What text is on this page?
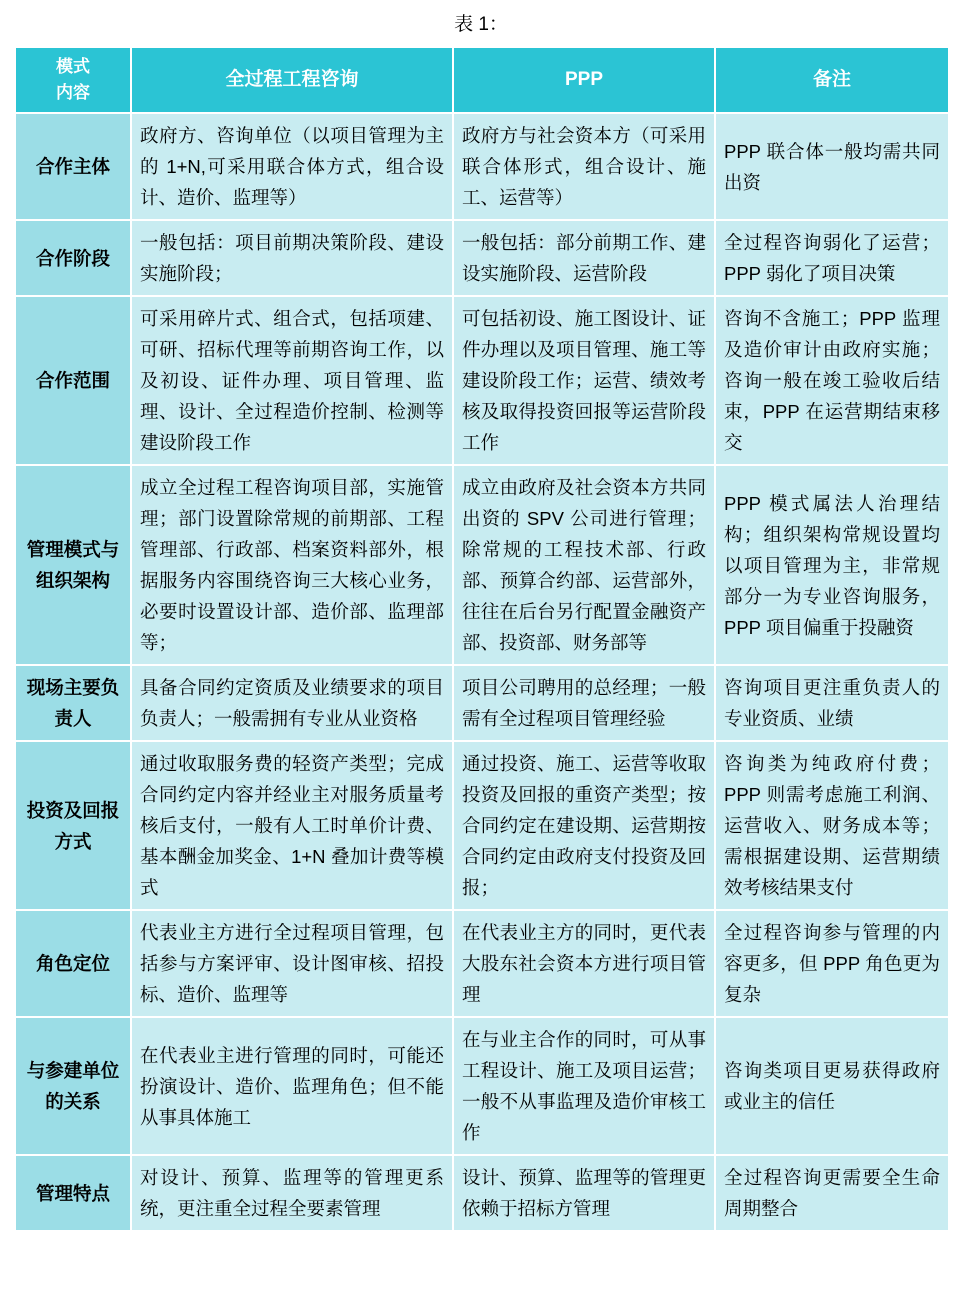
表 1：
模式
内容	全过程工程咨询	PPP	备注
合作主体	政府方、咨询单位（以项目管理为主的 1+N,可采用联合体方式，组合设计、造价、监理等）	政府方与社会资本方（可采用联合体形式，组合设计、施工、运营等）	PPP 联合体一般均需共同出资

合作阶段	一般包括：项目前期决策阶段、建设实施阶段；	一般包括：部分前期工作、建设实施阶段、运营阶段	全过程咨询弱化了运营；PPP 弱化了项目决策

合作范围	可采用碎片式、组合式，包括项建、可研、招标代理等前期咨询工作，以及初设、证件办理、项目管理、监理、设计、全过程造价控制、检测等建设阶段工作	可包括初设、施工图设计、证件办理以及项目管理、施工等建设阶段工作；运营、绩效考核及取得投资回报等运营阶段工作	咨询不含施工；PPP 监理及造价审计由政府实施；咨询一般在竣工验收后结束，PPP 在运营期结束移交

管理模式与组织架构	成立全过程工程咨询项目部，实施管理；部门设置除常规的前期部、工程管理部、行政部、档案资料部外，根据服务内容围绕咨询三大核心业务，必要时设置设计部、造价部、监理部等；	成立由政府及社会资本方共同出资的 SPV 公司进行管理；除常规的工程技术部、行政部、预算合约部、运营部外，往往在后台另行配置金融资产部、投资部、财务部等	PPP 模式属法人治理结构；组织架构常规设置均以项目管理为主，非常规部分一为专业咨询服务，PPP 项目偏重于投融资

现场主要负责人	具备合同约定资质及业绩要求的项目负责人；一般需拥有专业从业资格	项目公司聘用的总经理；一般需有全过程项目管理经验	咨询项目更注重负责人的专业资质、业绩

投资及回报方式	通过收取服务费的轻资产类型；完成合同约定内容并经业主对服务质量考核后支付，一般有人工时单价计费、基本酬金加奖金、1+N 叠加计费等模式	通过投资、施工、运营等收取投资及回报的重资产类型；按合同约定在建设期、运营期按合同约定由政府支付投资及回报；	咨询类为纯政府付费；PPP 则需考虑施工利润、运营收入、财务成本等；需根据建设期、运营期绩效考核结果支付

角色定位	代表业主方进行全过程项目管理，包括参与方案评审、设计图审核、招投标、造价、监理等	在代表业主方的同时，更代表大股东社会资本方进行项目管理	全过程咨询参与管理的内容更多，但 PPP 角色更为复杂

与参建单位的关系	在代表业主进行管理的同时，可能还扮演设计、造价、监理角色；但不能从事具体施工	在与业主合作的同时，可从事工程设计、施工及项目运营；一般不从事监理及造价审核工作	咨询类项目更易获得政府或业主的信任

管理特点	对设计、预算、监理等的管理更系统，更注重全过程全要素管理	设计、预算、监理等的管理更依赖于招标方管理	全过程咨询更需要全生命周期整合
